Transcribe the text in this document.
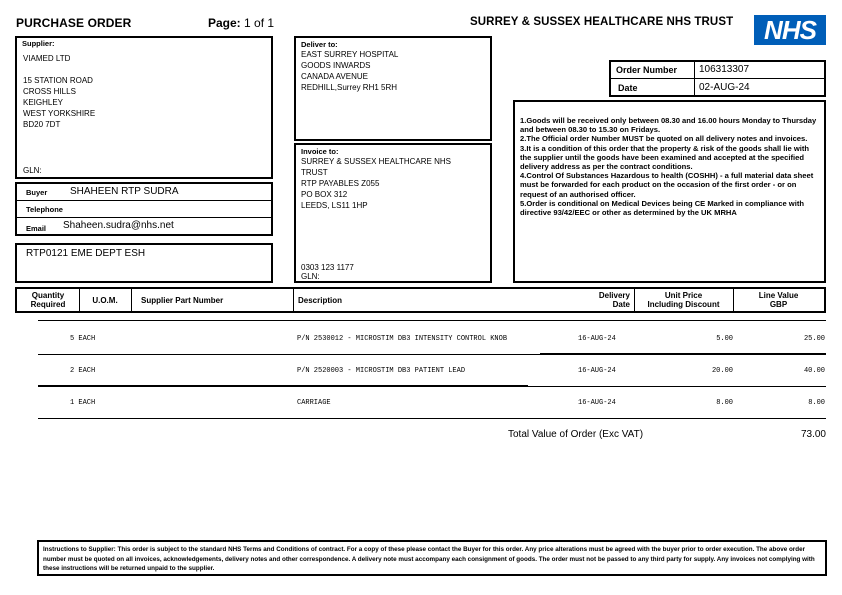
PURCHASE ORDER	Page: 1 of 1	SURREY & SUSSEX HEALTHCARE NHS TRUST NHS
Supplier:
VIAMED LTD
15 STATION ROAD
CROSS HILLS
KEIGHLEY
WEST YORKSHIRE
BD20 7DT
GLN:
Buyer SHAHEEN RTP SUDRA
Telephone
Email Shaheen.sudra@nhs.net
RTP0121 EME DEPT ESH
Deliver to:
EAST SURREY HOSPITAL
GOODS INWARDS
CANADA AVENUE
REDHILL,Surrey RH1 5RH
Invoice to:
SURREY & SUSSEX HEALTHCARE NHS
TRUST
RTP PAYABLES Z055
PO BOX 312
LEEDS, LS11 1HP
0303 123 1177
GLN:
Order Number 106313307
Date	02-AUG-24
1.Goods will be received only between 08.30 and 16.00 hours Monday to Thursday and between 08.30 to 15.30 on Fridays.
2.The Official order Number MUST be quoted on all delivery notes and invoices.
3.It is a condition of this order that the property & risk of the goods shall lie with the supplier until the goods have been examined and accepted at the specified delivery address as per the contract conditions.
4.Control Of Substances Hazardous to health (COSHH) - a full material data sheet must be forwarded for each product on the occasion of the first order - or on request of an authorised officer.
5.Order is conditional on Medical Devices being CE Marked in compliance with directive 93/42/EEC or other as determined by the UK MRHA
Quantity
Required	U.O.M.	Supplier Part Number	Description	Delivery
Date
Unit Price
Including Discount
Line Value
GBP
5 EACH	P/N 2530012 - MICROSTIM DB3 INTENSITY CONTROL KNOB	16-AUG-24	5.00	25.00
2 EACH	P/N 2520003 - MICROSTIM DB3 PATIENT LEAD	16-AUG-24	20.00	40.00
1 EACH	CARRIAGE	16-AUG-24	8.00	8.00
Total Value of Order (Exc VAT)	73.00
Instructions to Supplier: This order is subject to the standard NHS Terms and Conditions of contract. For a copy of these please contact the Buyer for this order. Any price alterations must be agreed with the buyer prior to order execution. The above order number must be quoted on all invoices, acknowledgements, delivery notes and other correspondence. A delivery note must accompany each consignment of goods. The order must not be passed to any third party for supply. Any invoices not complying with these instructions will be returned unpaid to the supplier.
